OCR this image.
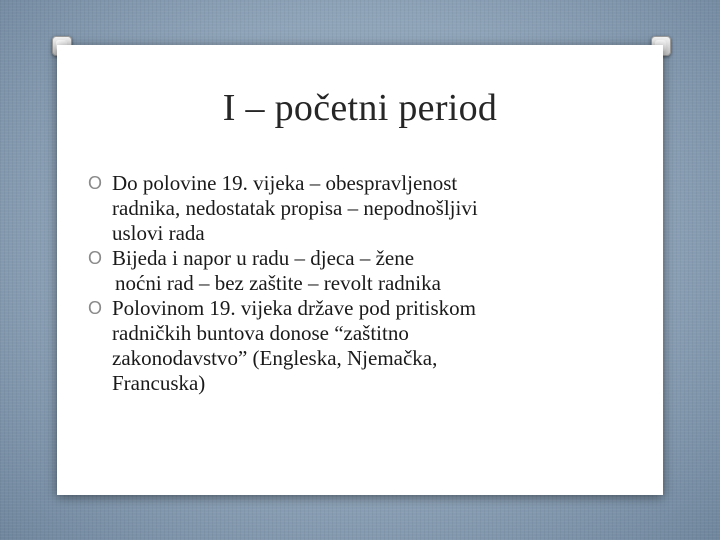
I – početni period
O Do polovine 19. vijeka – obespravljenost
radnika, nedostatak propisa – nepodnošljivi
uslovi rada
O Bijeda i napor u radu – djeca – žene
noćni rad – bez zaštite – revolt radnika
O Polovinom 19. vijeka države pod pritiskom
radničkih buntova donose “zaštitno
zakonodavstvo” (Engleska, Njemačka,
Francuska)
